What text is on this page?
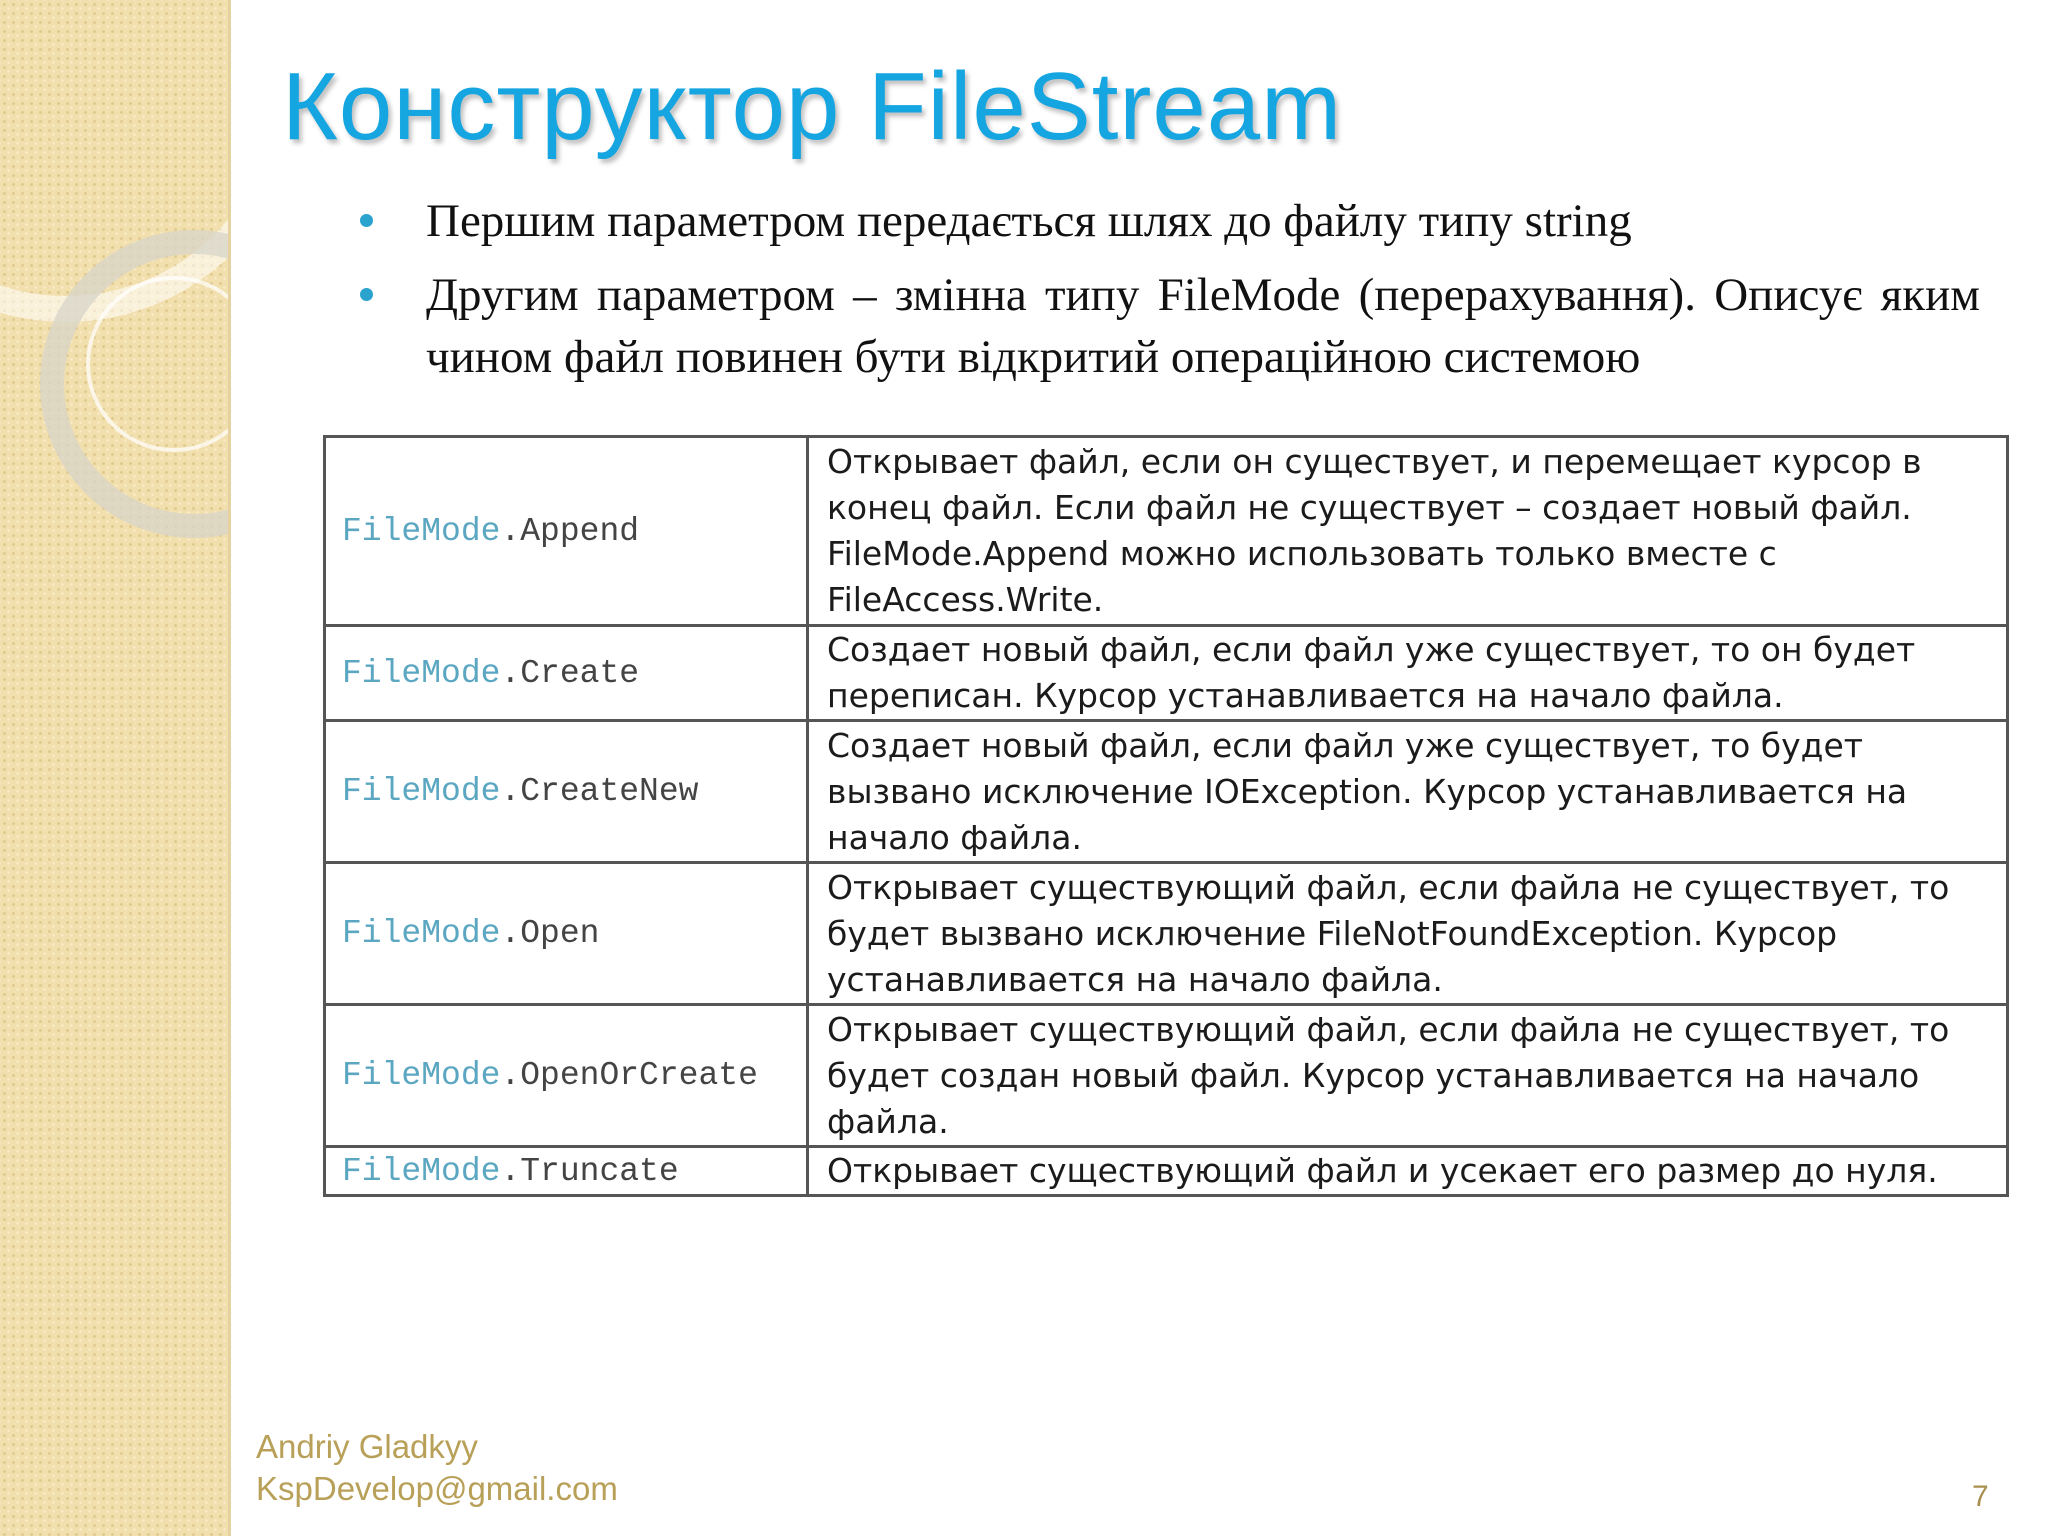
Конструктор FileStream
Першим параметром передається шлях до файлу типу string
Другим параметром – змінна типу FileMode (перерахування). Описує яким чином файл повинен бути відкритий операційною системою
FileMode.Append	Открывает файл, если он существует, и перемещает курсор в конец файл. Если файл не существует – создает новый файл. FileMode.Append можно использовать только вместе с FileAccess.Write.
FileMode.Create	Создает новый файл, если файл уже существует, то он будет переписан. Курсор устанавливается на начало файла.
FileMode.CreateNew	Создает новый файл, если файл уже существует, то будет вызвано исключение IOException. Курсор устанавливается на начало файла.
FileMode.Open	Открывает существующий файл, если файла не существует, то будет вызвано исключение FileNotFoundException. Курсор устанавливается на начало файла.
FileMode.OpenOrCreate	Открывает существующий файл, если файла не существует, то будет создан новый файл. Курсор устанавливается на начало файла.
FileMode.Truncate	Открывает существующий файл и усекает его размер до нуля.
Andriy Gladkyy
KspDevelop@gmail.com	7
